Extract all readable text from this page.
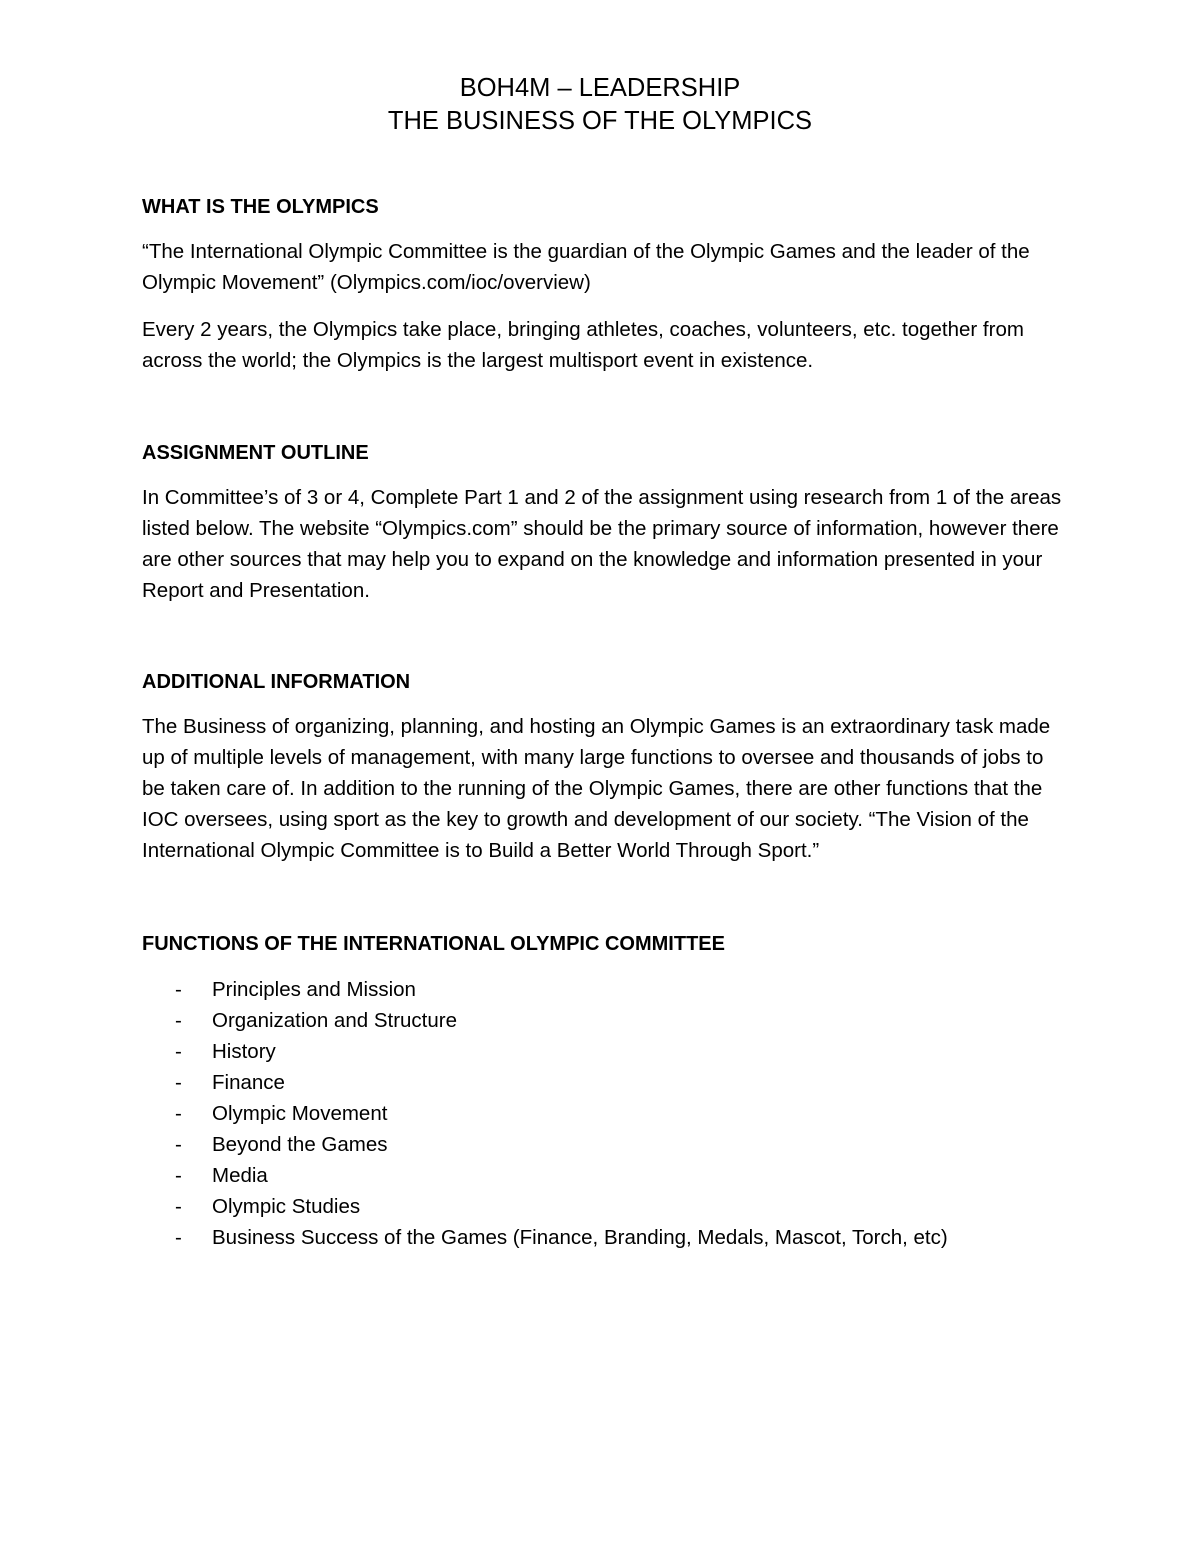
BOH4M – LEADERSHIP

THE BUSINESS OF THE OLYMPICS

WHAT IS THE OLYMPICS

“The International Olympic Committee is the guardian of the Olympic Games and the leader of the Olympic Movement” (Olympics.com/ioc/overview)

Every 2 years, the Olympics take place, bringing athletes, coaches, volunteers, etc. together from across the world; the Olympics is the largest multisport event in existence.

ASSIGNMENT OUTLINE

In Committee’s of 3 or 4, Complete Part 1 and 2 of the assignment using research from 1 of the areas listed below. The website “Olympics.com” should be the primary source of information, however there are other sources that may help you to expand on the knowledge and information presented in your Report and Presentation.

ADDITIONAL INFORMATION

The Business of organizing, planning, and hosting an Olympic Games is an extraordinary task made up of multiple levels of management, with many large functions to oversee and thousands of jobs to be taken care of. In addition to the running of the Olympic Games, there are other functions that the IOC oversees, using sport as the key to growth and development of our society. “The Vision of the International Olympic Committee is to Build a Better World Through Sport.”

FUNCTIONS OF THE INTERNATIONAL OLYMPIC COMMITTEE
- Principles and Mission
- Organization and Structure
- History
- Finance
- Olympic Movement
- Beyond the Games
- Media
- Olympic Studies
- Business Success of the Games (Finance, Branding, Medals, Mascot, Torch, etc)
